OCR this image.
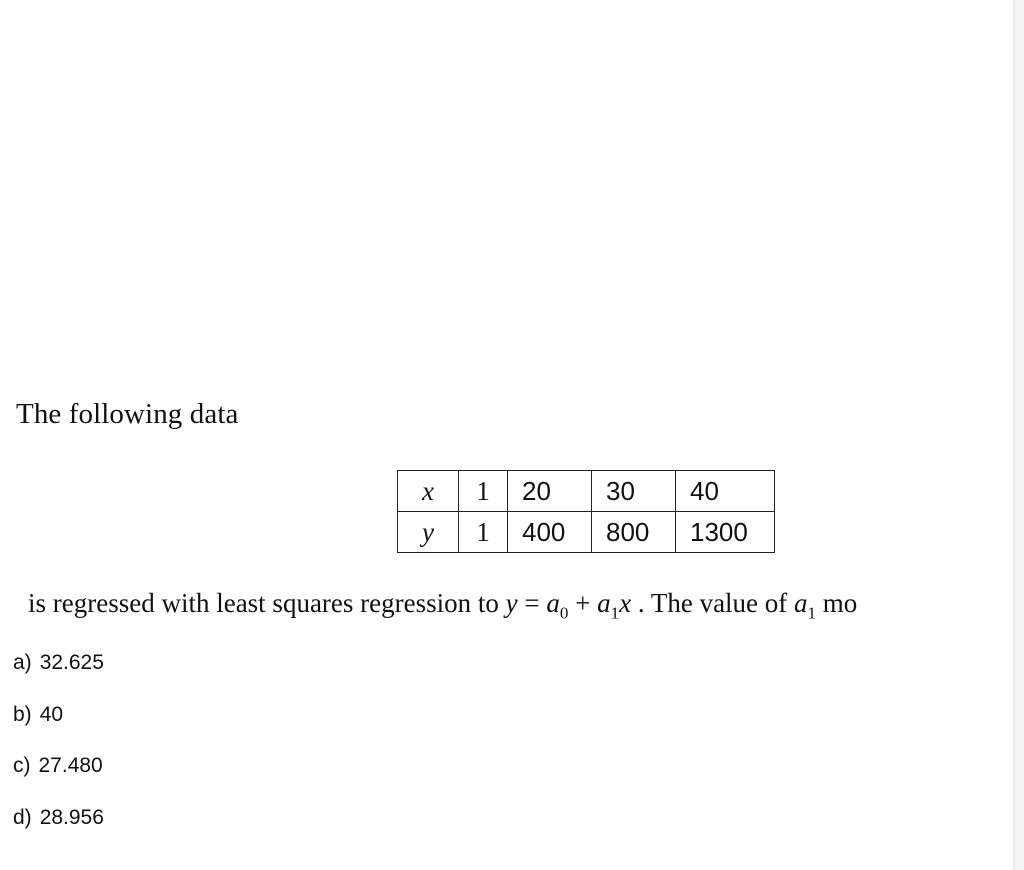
The following data
x	1	20	30	40
y	1	400	800	1300
is regressed with least squares regression to $y = a_0 + a_1x$ . The value of $a_1$ mo
a) 32.625
b) 40
c) 27.480
d) 28.956
